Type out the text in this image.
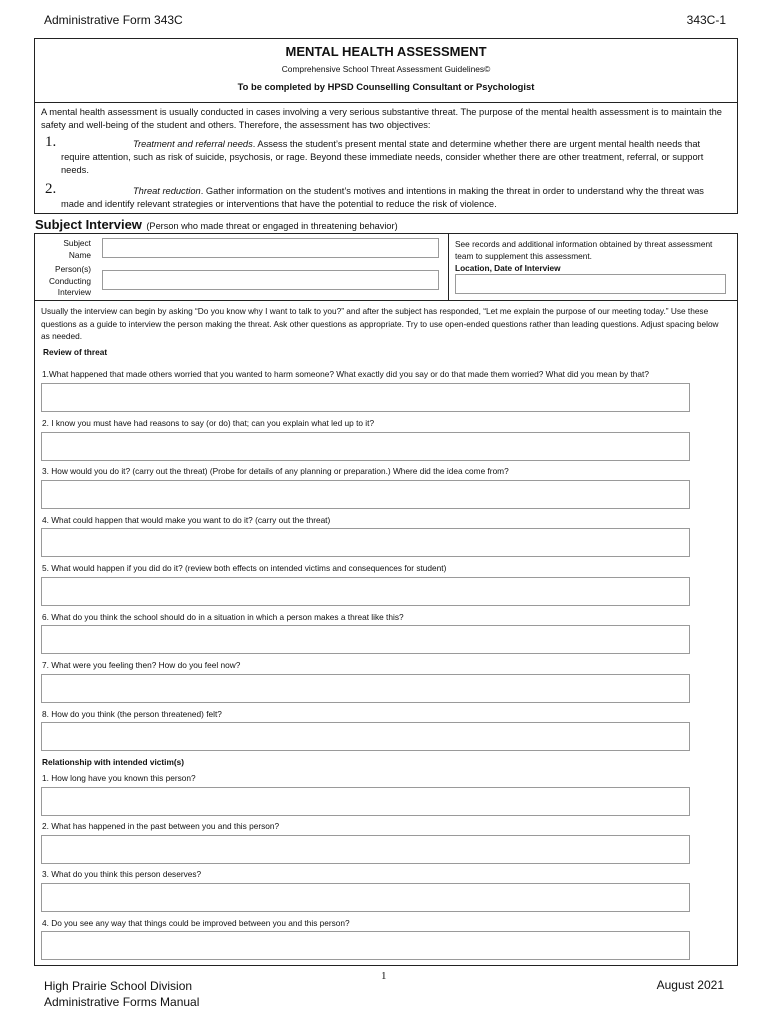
Administrative Form 343C	343C-1
MENTAL HEALTH ASSESSMENT
Comprehensive School Threat Assessment Guidelines©
To be completed by HPSD Counselling Consultant or Psychologist
A mental health assessment is usually conducted in cases involving a very serious substantive threat. The purpose of the mental health assessment is to maintain the safety and well-being of the student and others. Therefore, the assessment has two objectives:
1.	Treatment and referral needs. Assess the student’s present mental state and determine whether there are urgent mental health needs that require attention, such as risk of suicide, psychosis, or rage. Beyond these immediate needs, consider whether there are other treatment, referral, or support needs.
2.	Threat reduction. Gather information on the student’s motives and intentions in making the threat in order to understand why the threat was made and identify relevant strategies or interventions that have the potential to reduce the risk of violence.
Subject Interview (Person who made threat or engaged in threatening behavior)
Subject Name
Person(s) Conducting Interview
See records and additional information obtained by threat assessment team to supplement this assessment.
Location, Date of Interview
Usually the interview can begin by asking “Do you know why I want to talk to you?” and after the subject has responded, “Let me explain the purpose of our meeting today.” Use these questions as a guide to interview the person making the threat. Ask other questions as appropriate. Try to use open-ended questions rather than leading questions. Adjust spacing below as needed.
Review of threat
1.What happened that made others worried that you wanted to harm someone? What exactly did you say or do that made them worried? What did you mean by that?
2. I know you must have had reasons to say (or do) that; can you explain what led up to it?
3. How would you do it? (carry out the threat) (Probe for details of any planning or preparation.) Where did the idea come from?
4. What could happen that would make you want to do it? (carry out the threat)
5. What would happen if you did do it? (review both effects on intended victims and consequences for student)
6. What do you think the school should do in a situation in which a person makes a threat like this?
7. What were you feeling then? How do you feel now?
8. How do you think (the person threatened) felt?
Relationship with intended victim(s)
1. How long have you known this person?
2. What has happened in the past between you and this person?
3. What do you think this person deserves?
4. Do you see any way that things could be improved between you and this person?
High Prairie School Division
Administrative Forms Manual
1
August 2021
